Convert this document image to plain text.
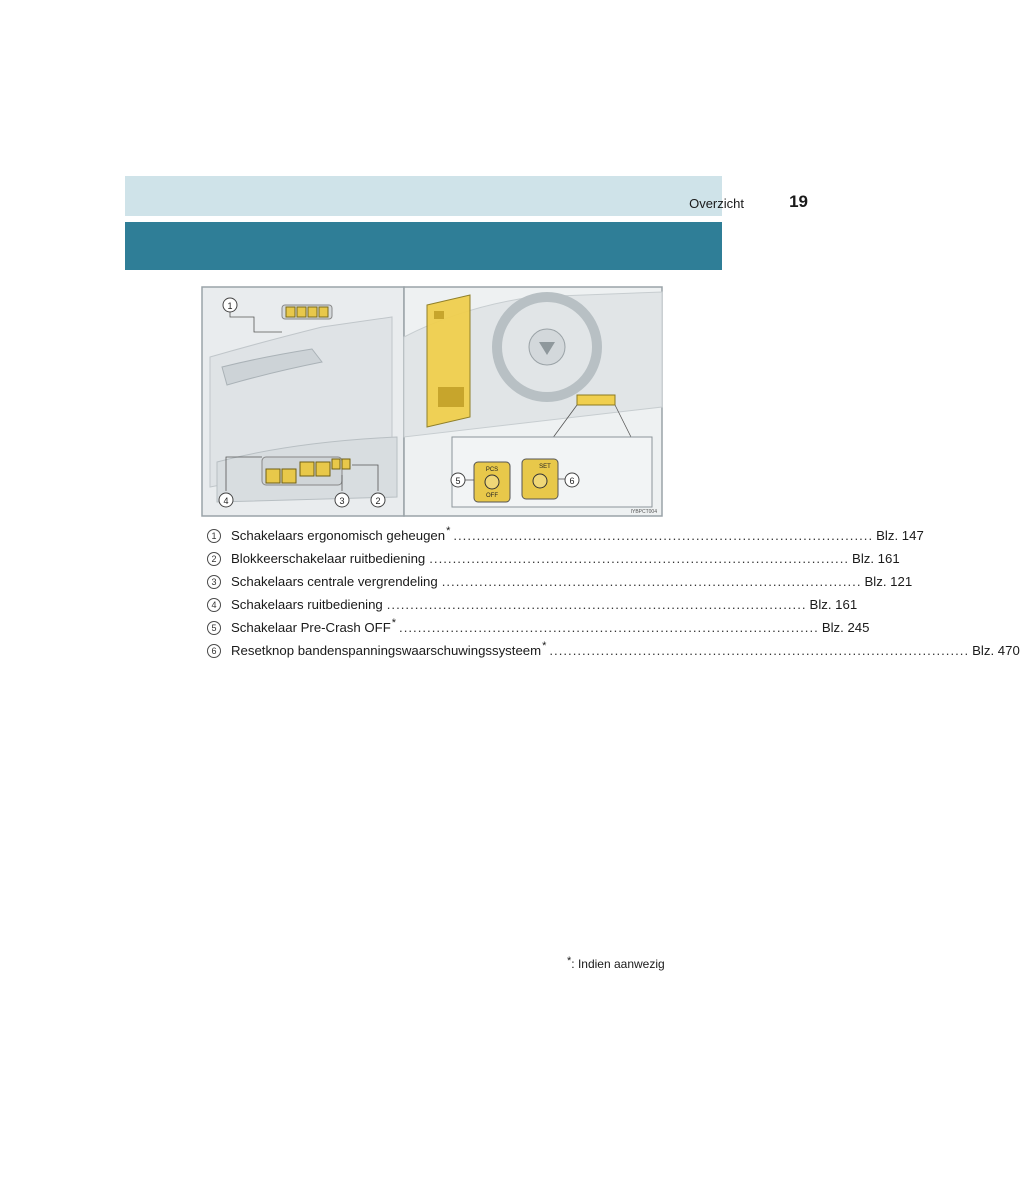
Overzicht	19
1
4	3	2
PCS
OFF
SET
5	6
IYBPCT004
1	Schakelaars ergonomisch geheugen * .......................................................................................... Blz. 147
2	Blokkeerschakelaar ruitbediening .......................................................................................... Blz. 161
3	Schakelaars centrale vergrendeling .......................................................................................... Blz. 121
4	Schakelaars ruitbediening .......................................................................................... Blz. 161
5	Schakelaar Pre-Crash OFF * .......................................................................................... Blz. 245
6	Resetknop bandenspanningswaarschuwingssysteem * .......................................................................................... Blz. 470
*: Indien aanwezig
